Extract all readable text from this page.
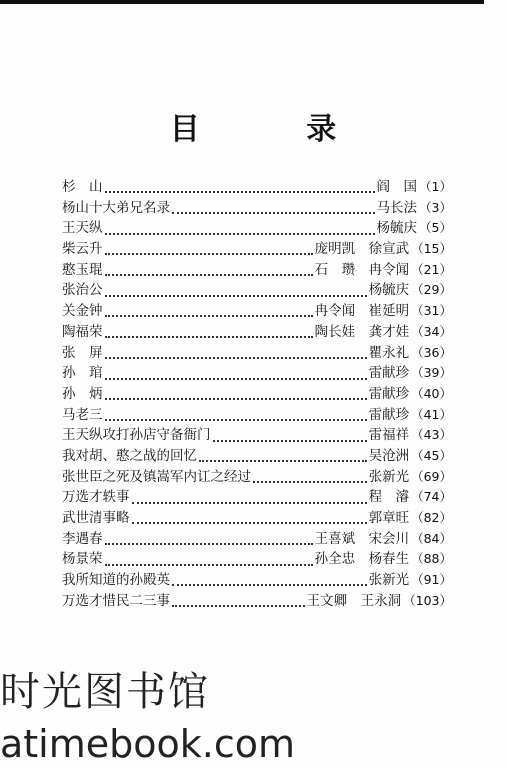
目 录
杉　山	阎　国 （1）
杨山十大弟兄名录	马长法 （3）
王天纵	杨毓庆 （5）
柴云升	庞明凯　徐宣武 （15）
憨玉琨	石　瓒　冉令闻 （21）
张治公	杨毓庆 （29）
关金钟	冉令闻　崔延明 （31）
陶福荣	陶长娃　龚才娃 （34）
张　屏	瞿永礼 （36）
孙　琯	雷献珍 （39）
孙　炳	雷献珍 （40）
马老三	雷献珍 （41）
王天纵攻打孙店守备衙门	雷福祥 （43）
我对胡、憨之战的回忆	吴沧洲 （45）
张世臣之死及镇嵩军内讧之经过	张新光 （69）
万选才轶事	程　濬 （74）
武世清事略	郭章旺 （82）
李遇春	王喜斌　宋会川 （84）
杨景荣	孙全忠　杨春生 （88）
我所知道的孙殿英	张新光 （91）
万选才惜民二三事	王文卿　王永洞 （103）
时光图书馆
atimebook.com
